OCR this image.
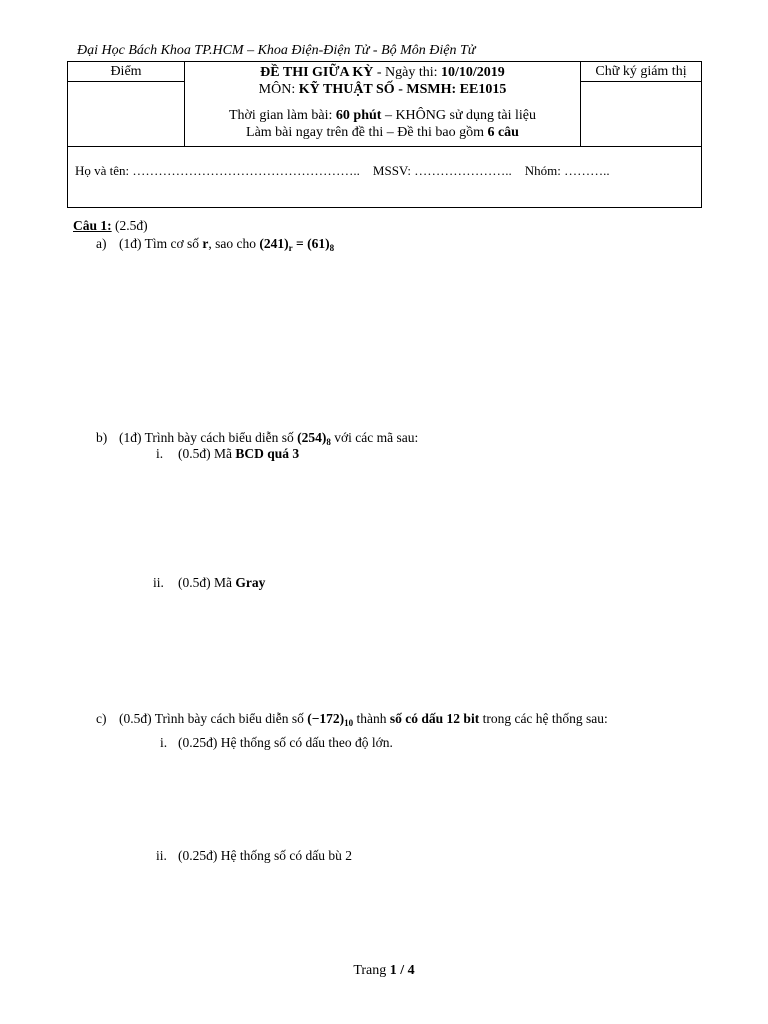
Đại Học Bách Khoa TP.HCM – Khoa Điện-Điện Tử - Bộ Môn Điện Tử
Điểm	ĐỀ THI GIỮA KỲ - Ngày thi: 10/10/2019
MÔN: KỸ THUẬT SỐ - MSMH: EE1015
Thời gian làm bài: 60 phút – KHÔNG sử dụng tài liệu
Làm bài ngay trên đề thi – Đề thi bao gồm 6 câu	Chữ ký giám thị

Họ và tên: …………………………………………….. MSSV: ………………….. Nhóm: ………..		
Câu 1: (2.5đ)
a) (1đ) Tìm cơ số r, sao cho $(241)_r = (61)_8$
b) (1đ) Trình bày cách biểu diễn số $(254)_8$ với các mã sau:
i. (0.5đ) Mã BCD quá 3
ii. (0.5đ) Mã Gray
c) (0.5đ) Trình bày cách biểu diễn số $(-172)_{10}$ thành số có dấu 12 bit trong các hệ thống sau:
i. (0.25đ) Hệ thống số có dấu theo độ lớn.
ii. (0.25đ) Hệ thống số có dấu bù 2
Trang 1 / 4
